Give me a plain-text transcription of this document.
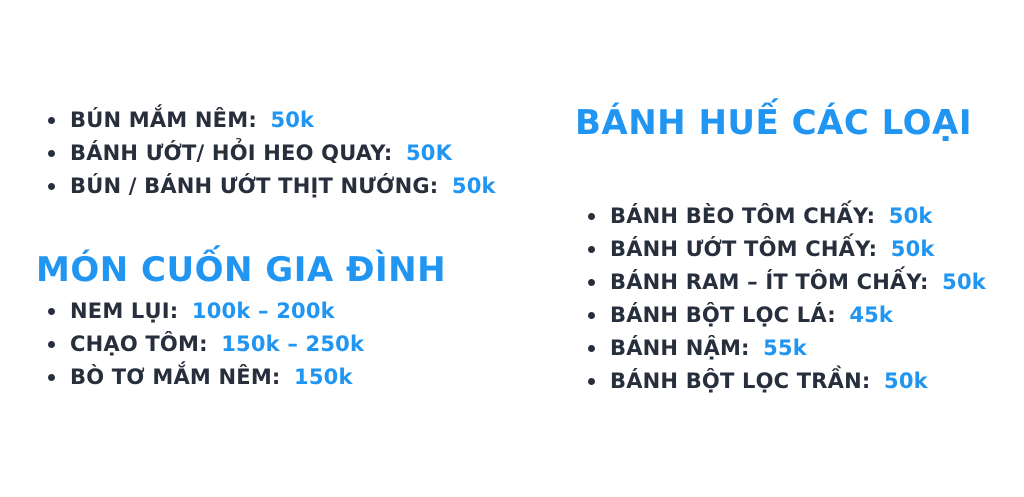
BÚN MẮM NÊM: 50k
BÁNH ƯỚT/ HỎI HEO QUAY: 50K
BÚN / BÁNH ƯỚT THỊT NƯỚNG: 50k
MÓN CUỐN GIA ĐÌNH
NEM LỤI: 100k – 200k
CHẠO TÔM: 150k – 250k
BÒ TƠ MẮM NÊM: 150k
BÁNH HUẾ CÁC LOẠI
BÁNH BÈO TÔM CHẤY: 50k
BÁNH ƯỚT TÔM CHẤY: 50k
BÁNH RAM – ÍT TÔM CHẤY: 50k
BÁNH BỘT LỌC LÁ: 45k
BÁNH NẬM: 55k
BÁNH BỘT LỌC TRẦN: 50k
